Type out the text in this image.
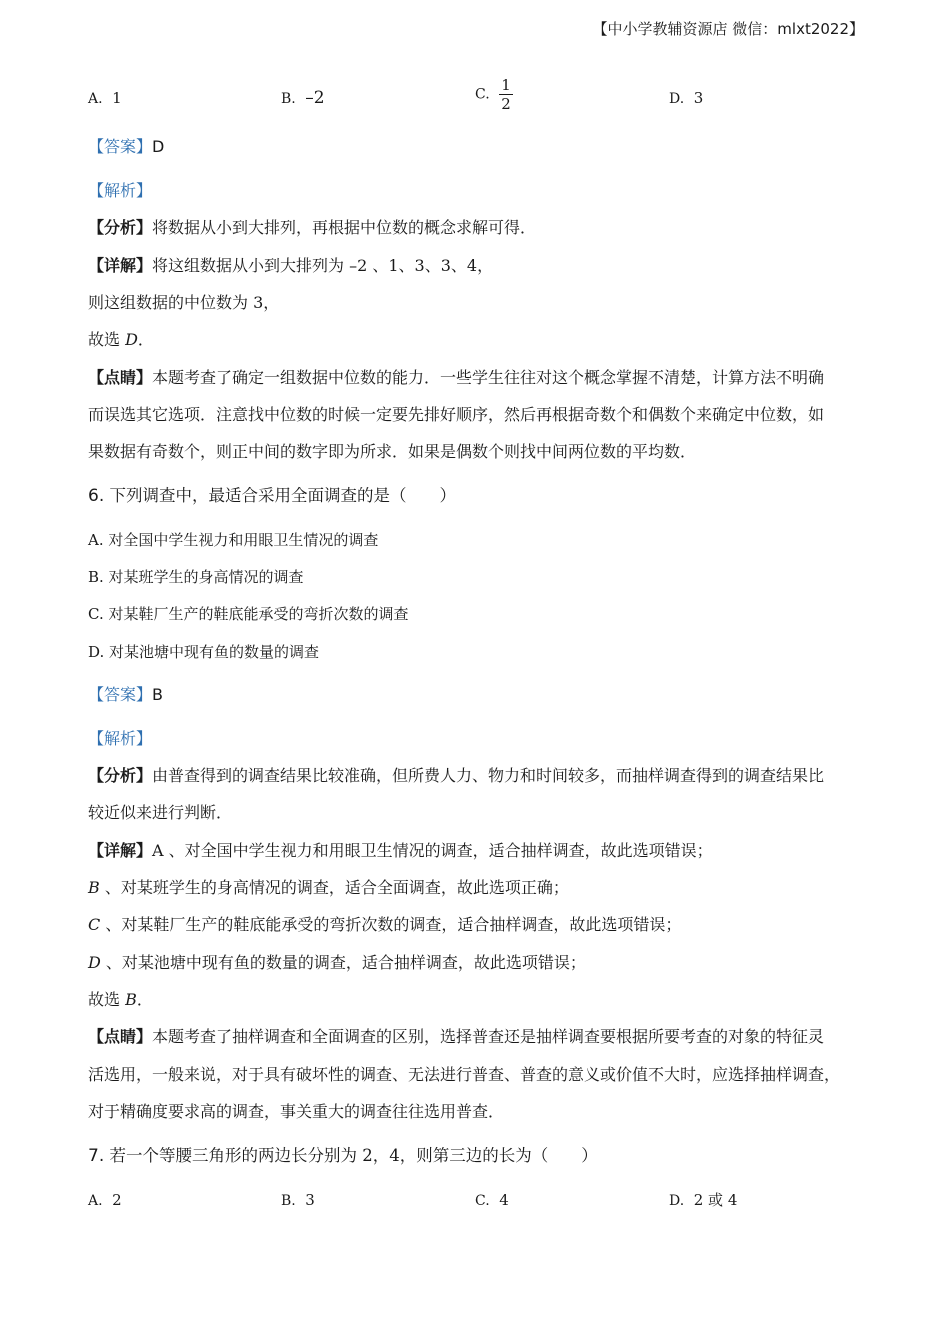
【中小学教辅资源店 微信：mlxt2022】
A. 1	B. –2	C. $\frac{1}{2}$	D. 3
【答案】D
【解析】
【分析】将数据从小到大排列，再根据中位数的概念求解可得．
【详解】将这组数据从小到大排列为 –2 、1、3、3、4，
则这组数据的中位数为 3，
故选 D．
【点睛】本题考查了确定一组数据中位数的能力．一些学生往往对这个概念掌握不清楚，计算方法不明确
而误选其它选项．注意找中位数的时候一定要先排好顺序，然后再根据奇数个和偶数个来确定中位数，如
果数据有奇数个，则正中间的数字即为所求．如果是偶数个则找中间两位数的平均数．
6. 下列调查中，最适合采用全面调查的是（　　）
A. 对全国中学生视力和用眼卫生情况的调查
B. 对某班学生的身高情况的调查
C. 对某鞋厂生产的鞋底能承受的弯折次数的调查
D. 对某池塘中现有鱼的数量的调查
【答案】B
【解析】
【分析】由普查得到的调查结果比较准确，但所费人力、物力和时间较多，而抽样调查得到的调查结果比
较近似来进行判断．
【详解】A 、对全国中学生视力和用眼卫生情况的调查，适合抽样调查，故此选项错误；
B 、对某班学生的身高情况的调查，适合全面调查，故此选项正确；
C 、对某鞋厂生产的鞋底能承受的弯折次数的调查，适合抽样调查，故此选项错误；
D 、对某池塘中现有鱼的数量的调查，适合抽样调查，故此选项错误；
故选 B．
【点睛】本题考查了抽样调查和全面调查的区别，选择普查还是抽样调查要根据所要考查的对象的特征灵
活选用，一般来说，对于具有破坏性的调查、无法进行普查、普查的意义或价值不大时，应选择抽样调查，
对于精确度要求高的调查，事关重大的调查往往选用普查．
7. 若一个等腰三角形的两边长分别为 2，4，则第三边的长为（　　）
A. 2	B. 3	C. 4	D. 2 或 4
